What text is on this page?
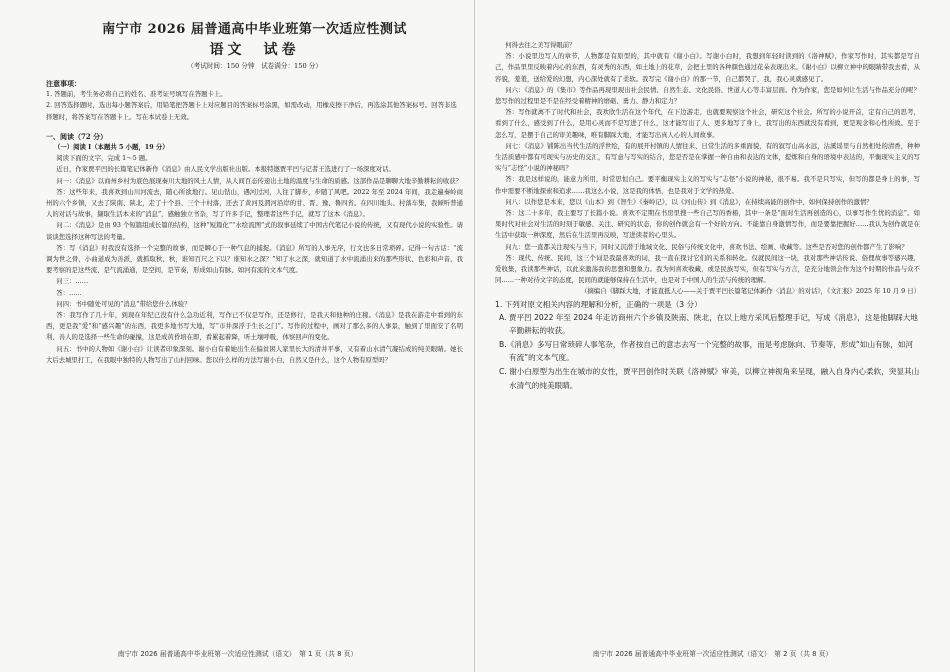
南宁市 2026 届普通高中毕业班第一次适应性测试
语文　试卷
（考试时间：150 分钟　试卷满分：150 分）
注意事项：
1. 答题前，考生务必将自己的姓名、准考证号填写在答题卡上。
2. 回答选择题时，选出每小题答案后，用铅笔把答题卡上对应题目的答案标号涂黑，如需改动，用橡皮擦干净后，再选涂其他答案标号。回答非选择题时，将答案写在答题卡上。写在本试卷上无效。
一、阅读（72 分）
（一）阅读 Ⅰ（本题共 5 小题，19 分）

阅读下面的文字，完成 1～5 题。

近日，作家贾平凹的长篇笔记体新作《消息》由人民文学出版社出版。本报特邀贾平凹与记者王选进行了一场深度对话。

问一：《消息》以商州乡村为底色展现秦川大地的风土人情，从人间百态传递出土地的温度与生命的质感。这部作品是聊聊大地辛勤耕耘的收获？

答：这些年来，我喜欢到山川河流去，随心所欲地行。见山钻山，遇河过河，人往了脚步，步随了风吧。2022 年至 2024 年间，我走遍秦岭商州的六个乡镇，又去了陕南、陕北，走了十个县、三个十村落，还去了黄河及渭河沿岸的甘、晋、豫、鲁四省。在四川地头、村落车集，我倾听普通人的对话与故事，撷取生活本来的“消息”，感触独立书杂，写了许多手记，整理者这些手记，就写了这本《消息》。

问二：《消息》是由 93 个短篇组成长篇的结构，这种“短篇化”“水绘流图”式的叙事延续了中国古代笔记小说的传统，又有现代小说的实验性。请谈谈您选择这种写法的考量。

答：写《消息》时我没有选择一个完整的故事，而是瞬心于一种气息的捕捉。《消息》所写的人事无序，行文也多日常琐碎。记得一句古话：“流调为世之骨，小曲道成为善派，就抓取秋、秋，谁知百尺之下以？谁知水之深？”知了水之深，就知道了水中流涌出来的那些形状、色彩和声音，我要考察的是这些流、是气流涌通，是空间，是节奏，形成如山有脉、如河有流的文本气度。

问三：……

答：……

问四：书中随处可见的“消息”带给您什么体验？

答：我写作了几十年，到现在年纪已没有什么急功近利，写作已不仅是写作，还是修行，是我天和他种的庄稼。《消息》是我在游走中看到的东西，更是我“爱”和“感兴趣”的东西，我更多地书写大地，写“市井深浮于生长之门”。写作的过程中，画对了那么多的人事景，触到了里面安了名明利、善人的是选择一些生命的碰撞，这是成黄昏培在即，看累起着降，听土壤呼吸，体察回声的变化。

问五：书中的人物如《谢小白》让读者印象深刻。谢小白有着她出生在偏贫困人家里长大的清井平事，又有着山水清气凝结成的纯美眼睛。她长大后去城里打工，在我眼中独特的人物写出了山村回味。您以什么样的方法写谢小白，自然又是什么，这个人物有原型吗？

南宁市 2026 届普通高中毕业班第一次适应性测试（语文）　第 1 页（共 8 页）

何得去往之美写得眼前？

答：小说里边写人的章节，人物都是有原型的，其中就有《谢小白》。写谢小白时，我想到年轻时读到的《洛神赋》，作家写作时，其实都是写自己，作品里里反映着内心的东西，有灵秀的东西，如土地上的花草，会把土里的各种颜色通过花朵表现出来。《谢小白》以柳立神中的眼睛带我去看，从容貌，羞羞，送给爱的幻想，内心深处就有了柔软。我写完《谢小白》的那一节，自己都哭了，我，我心灵就感见了。

问六：《消息》的《集市》等作品再现里现出社会民情、自然生态、文化民俗、世道人心等丰富层面。作为作家，您是如何让生活与作品充分的呢？您写作的过程里是不是在经受着精神的磨砺、勇力、静力和定力？

答：写作就离不了时代和社会，我欢欣生活在这个年代，在下边游走，也就要观察这个社会，研究这个社会。所写的小说开首，定有自己的思考，看到了什么，感受到了什么，是用心灵而不是写进了什么，这才能写出了人、更多地写了身上，我写出的东西就没有看到，更是观念和心性所致。至于怎么写，是摆于自己的审美趣味，唯有脚踩大地，才能写出真人心的人间故事。

问七：《消息》铺陈出当代生活的浮世绘，有的展开村镇的人情往来、日常生活的多重面貌，有的叙写山高水远，沾溪谣里与自然相处的清香，种种生活质感中都有可现实与历史的交汇，有写意与写实的结合，您是否是在掌握一种自由和表达的文体，提炼和自身的语境中表达的，平衡现实主义的写实与“志怪”小说的神秘吗？

答：我是这样说的，能意力所用，时常思恒自己。要平衡现实主义的写实与“志怪”小说的神秘，很不易。我不是只写实，但写的都是身上的事，写作中需要不断地探索和追求……我这么小说，这是我的体悟，也是我对于文学的热爱。

问八：以作您是本来，您以《山本》到《智生》《秦岭记》，以《河山传》到《消息》，在持续高能的创作中，如何保持创作的激情？

答：这二十多年，我主要写了长篇小说。喜欢不定期在书房里搜一些自己写的香椿，其中一条是“面对生活再创造的心，以事写作生忧的消息”。如果时代对社会对生活的时刻于敏感、关注、研究的状态，你的创作就会有一个好的方向。不能靠自身激情写作，而是要靠把握好……我认为创作就是在生活中获取一种深度，然后在生活里再反映，写进读者的心里头。

问九：您一直都关注现实与当下，同时又沉潜于地域文化、民俗与传统文化中，喜欢书法、绘画、收藏等。这些是否对您的创作都产生了影响？

答：现代、传统、民间，这三个词是我最喜欢的词，我一直在探讨它们的关系和转化。仅就民间这一块，我对那些神话传说、俗俚故事等感兴趣，爱收集，我读那些神话，以此来激荡我的思想和想象力。我为何喜欢收藏，或是民族写实，但有写实与方言，是充分地领会作为这个时期的作品与众不同……一种对待文字的态度，民间的就能够保持在生活中，也是对于中国人的生活与传统的理解。

（摘编自《脚踩大地，才能直抵人心——关于贾平凹长篇笔记体新作〈消息〉的对话》，《文汇报》2025 年 10 月 9 日）

1. 下列对原文相关内容的理解和分析，正确的一项是（3 分）
A. 贾平凹 2022 年至 2024 年走访商州六个乡镇及陕南、陕北，在以上地方采风后整理手记，写成《消息》，这是他脚踩大地辛勤耕耘的收获。
B.《消息》多写日常琐碎人事笔杂，作者按自己的意志去写一个完整的故事，而是考虑脉向、节奏等，形成“如山有脉，如河有流”的文本气度。
C. 谢小白原型为出生在城市的女性，贾平凹创作时关联《洛神赋》审美，以柳立神视角来呈现，融入自身内心柔软，突显其山水清气的纯美眼睛。
南宁市 2026 届普通高中毕业班第一次适应性测试（语文）　第 2 页（共 8 页）
